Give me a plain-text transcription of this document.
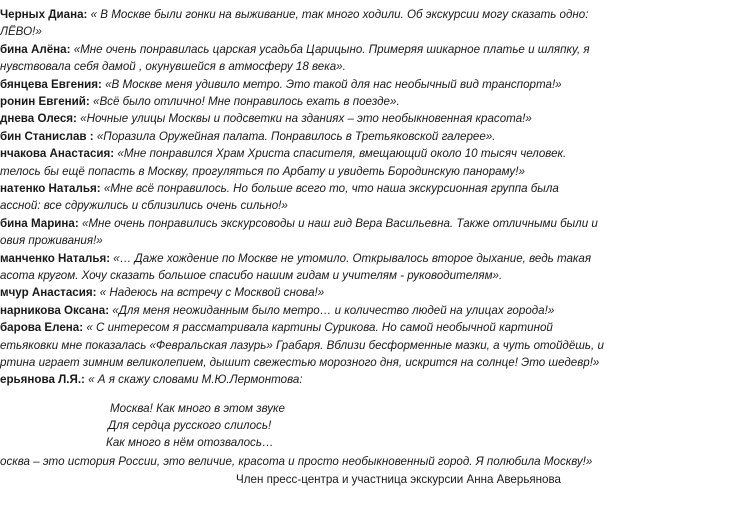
Черных Диана: « В Москве были гонки на выживание, так много ходили. Об экскурсии могу сказать одно:
ЛЁВО!»
бина Алёна: «Мне очень понравилась царская усадьба Царицыно. Примеряя шикарное платье и шляпку, я
нувствовала себя дамой , окунувшейся в атмосферу 18 века».
бянцева Евгения: «В Москве меня удивило метро. Это такой для нас необычный вид транспорта!»
ронин Евгений: «Всё было отлично! Мне понравилось ехать в поезде».
днева Олеся: «Ночные улицы Москвы и подсветки на зданиях – это необыкновенная красота!»
бин Станислав : «Поразила Оружейная палата. Понравилось в Третьяковской галерее».
нчакова Анастасия: «Мне понравился Храм Христа спасителя, вмещающий около 10 тысяч человек.
телось бы ещё попасть в Москву, прогуляться по Арбату и увидеть Бородинскую панораму!»
натенко Наталья: «Мне всё понравилось. Но больше всего то, что наша экскурсионная группа была
ассной: все сдружились и сблизились очень сильно!»
бина Марина: «Мне очень понравились экскурсоводы и наш гид Вера Васильевна. Также отличными были и
овия проживания!»
манченко Наталья: «… Даже хождение по Москве не утомило. Открывалось второе дыхание, ведь такая
асота кругом. Хочу сказать большое спасибо нашим гидам и учителям - руководителям».
мчур Анастасия: « Надеюсь на встречу с Москвой снова!»
нарникова Оксана: «Для меня неожиданным было метро… и количество людей на улицах города!»
барова Елена: « С интересом я рассматривала картины Сурикова. Но самой необычной картиной
етьяковки мне показалась «Февральская лазурь» Грабаря. Вблизи бесформенные мазки, а чуть отойдёшь, и
ртина играет зимним великолепием, дышит свежестью морозного дня, искрится на солнце! Это шедевр!»
ерьянова Л.Я.: « А я скажу словами М.Ю.Лермонтова:
Москва! Как много в этом звуке
Для сердца русского слилось!
Как много в нём отозвалось…
осква – это история России, это величие, красота и просто необыкновенный город. Я полюбила Москву!»
Член пресс-центра и участница экскурсии Анна Аверьянова
